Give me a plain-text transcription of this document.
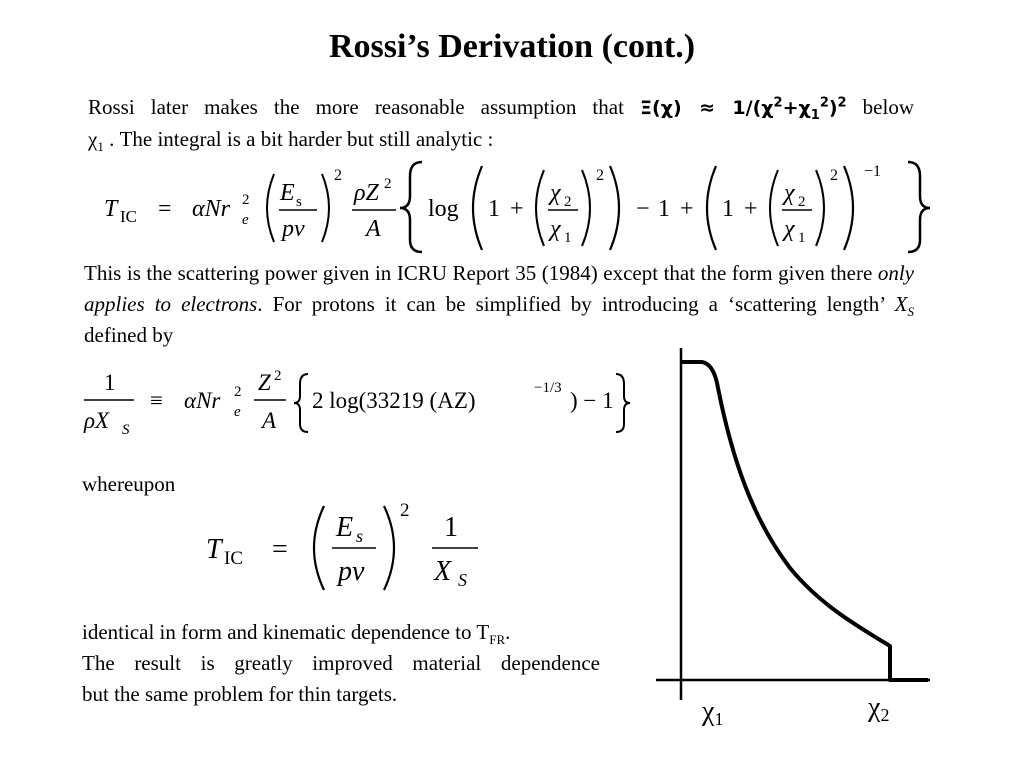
Rossi’s Derivation (cont.)
Rossi later makes the more reasonable assumption that $\Xi(\chi) \approx 1/(\chi^2+\chi_1^2)^2$ below
$\chi_1$ . The integral is a bit harder but still analytic :
T IC = αNr 2
e
E s
pv
2
ρZ 2
A
log 1 +
χ 2
χ 1
2
− 1 + 1 +
χ 2
χ 1
2 −1
This is the scattering power given in ICRU Report 35 (1984) except that the form given there only applies to electrons. For protons it can be simplified by introducing a ‘scattering length’ $X_S$ defined by
1
ρX S
≡ αNr 2
e
Z 2
A
2 log(33219 (AZ)	−1/3 ) − 1
whereupon
T IC =
E s
pv
2
1
X S
identical in form and kinematic dependence to $T_{FR}$.
The result is greatly improved material dependence
but the same problem for thin targets.
χ1	χ2
